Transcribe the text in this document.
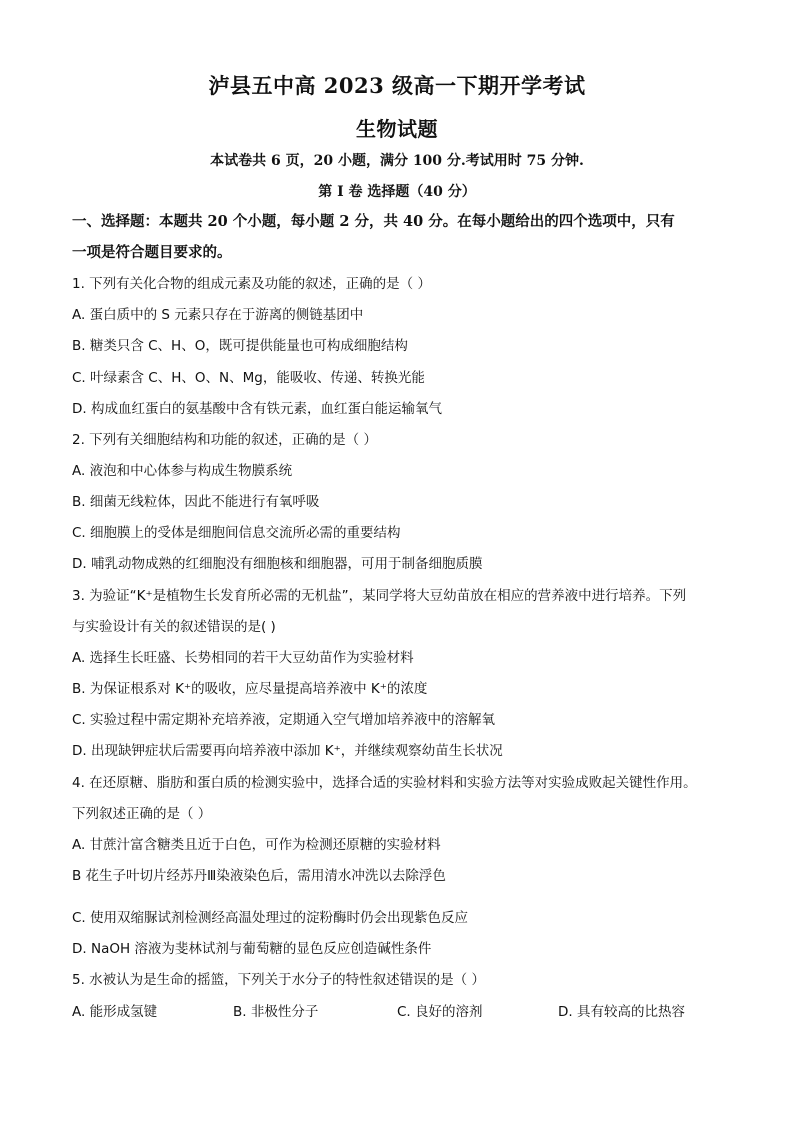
泸县五中高 2023 级高一下期开学考试
生物试题
本试卷共 6 页，20 小题，满分 100 分.考试用时 75 分钟.
第 I 卷 选择题（40 分）
一、选择题：本题共 20 个小题，每小题 2 分，共 40 分。在每小题给出的四个选项中，只有
一项是符合题目要求的。
1. 下列有关化合物的组成元素及功能的叙述，正确的是（ ）
A. 蛋白质中的 S 元素只存在于游离的侧链基团中
B. 糖类只含 C、H、O，既可提供能量也可构成细胞结构
C. 叶绿素含 C、H、O、N、Mg，能吸收、传递、转换光能
D. 构成血红蛋白的氨基酸中含有铁元素，血红蛋白能运输氧气
2. 下列有关细胞结构和功能的叙述，正确的是（ ）
A. 液泡和中心体参与构成生物膜系统
B. 细菌无线粒体，因此不能进行有氧呼吸
C. 细胞膜上的受体是细胞间信息交流所必需的重要结构
D. 哺乳动物成熟的红细胞没有细胞核和细胞器，可用于制备细胞质膜
3. 为验证“K⁺是植物生长发育所必需的无机盐”，某同学将大豆幼苗放在相应的营养液中进行培养。下列
与实验设计有关的叙述错误的是( )
A. 选择生长旺盛、长势相同的若干大豆幼苗作为实验材料
B. 为保证根系对 K⁺的吸收，应尽量提高培养液中 K⁺的浓度
C. 实验过程中需定期补充培养液，定期通入空气增加培养液中的溶解氧
D. 出现缺钾症状后需要再向培养液中添加 K⁺，并继续观察幼苗生长状况
4. 在还原糖、脂肪和蛋白质的检测实验中，选择合适的实验材料和实验方法等对实验成败起关键性作用。
下列叙述正确的是（ ）
A. 甘蔗汁富含糖类且近于白色，可作为检测还原糖的实验材料
B 花生子叶切片经苏丹Ⅲ染液染色后，需用清水冲洗以去除浮色
C. 使用双缩脲试剂检测经高温处理过的淀粉酶时仍会出现紫色反应
D. NaOH 溶液为斐林试剂与葡萄糖的显色反应创造碱性条件
5. 水被认为是生命的摇篮，下列关于水分子的特性叙述错误的是（ ）
A. 能形成氢键	B. 非极性分子	C. 良好的溶剂	D. 具有较高的比热容
